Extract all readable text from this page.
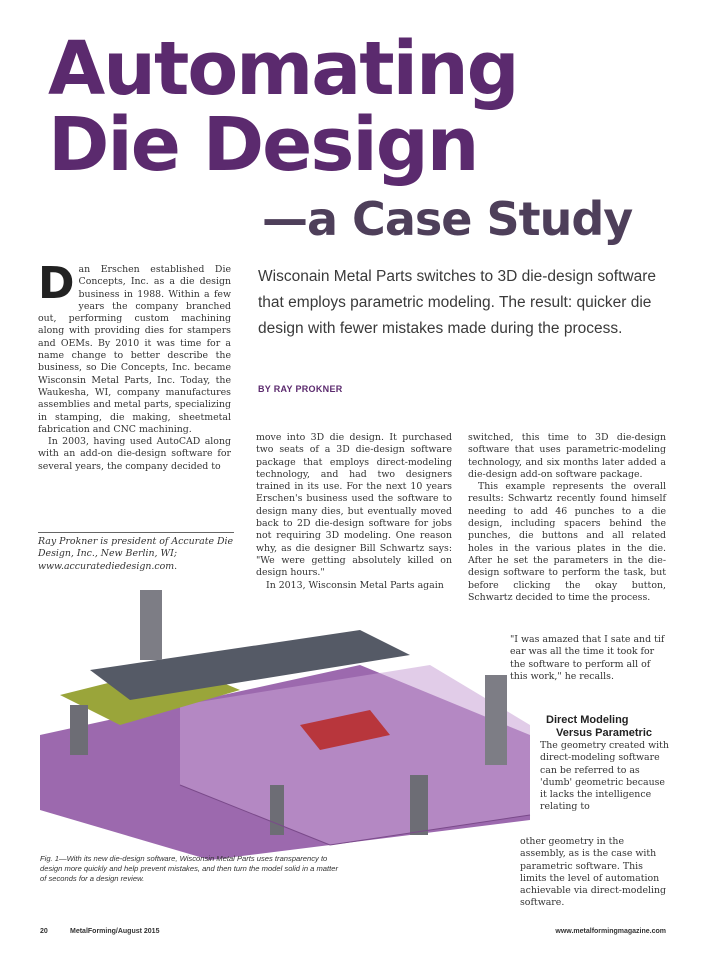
Automating
Die Design
—a Case Study
Wisconain Metal Parts switches to 3D die-design software that employs parametric modeling. The result: quicker die design with fewer mistakes made during the process.
BY RAY PROKNER

Dan Erschen established Die Concepts, Inc. as a die design business in 1988. Within a few years the company branched out, performing custom machining along with providing dies for stampers and OEMs. By 2010 it was time for a name change to better describe the business, so Die Concepts, Inc. became Wisconsin Metal Parts, Inc. Today, the Waukesha, WI, company manufactures assemblies and metal parts, specializing in stamping, die making, sheetmetal fabrication and CNC machining.

In 2003, having used AutoCAD along with an add-on die-design software for several years, the company decided to

Ray Prokner is president of Accurate Die Design, Inc., New Berlin, WI; www.accuratediedesign.com.

move into 3D die design. It purchased two seats of a 3D die-design software package that employs direct-modeling technology, and had two designers trained in its use. For the next 10 years Erschen's business used the software to design many dies, but eventually moved back to 2D die-design software for jobs not requiring 3D modeling. One reason why, as die designer Bill Schwartz says: "We were getting absolutely killed on design hours."

In 2013, Wisconsin Metal Parts again

switched, this time to 3D die-design software that uses parametric-modeling technology, and six months later added a die-design add-on software package.

This example represents the overall results: Schwartz recently found himself needing to add 46 punches to a die design, including spacers behind the punches, die buttons and all related holes in the various plates in the die. After he set the parameters in the die-design software to perform the task, but before clicking the okay button, Schwartz decided to time the process.

"I was amazed that I sate and tif ear was all the time it took for the software to perform all of this work," he recalls.
Direct Modeling
Versus Parametric
The geometry created with direct-modeling software can be referred to as 'dumb' geometric because it lacks the intelligence relating to
other geometry in the assembly, as is the case with parametric software. This limits the level of automation achievable via direct-modeling software.
Fig. 1—With its new die-design software, Wisconsin Metal Parts uses transparency to design more quickly and help prevent mistakes, and then turn the model solid in a matter of seconds for a design review.
20	MetalForming/August 2015	www.metalformingmagazine.com
